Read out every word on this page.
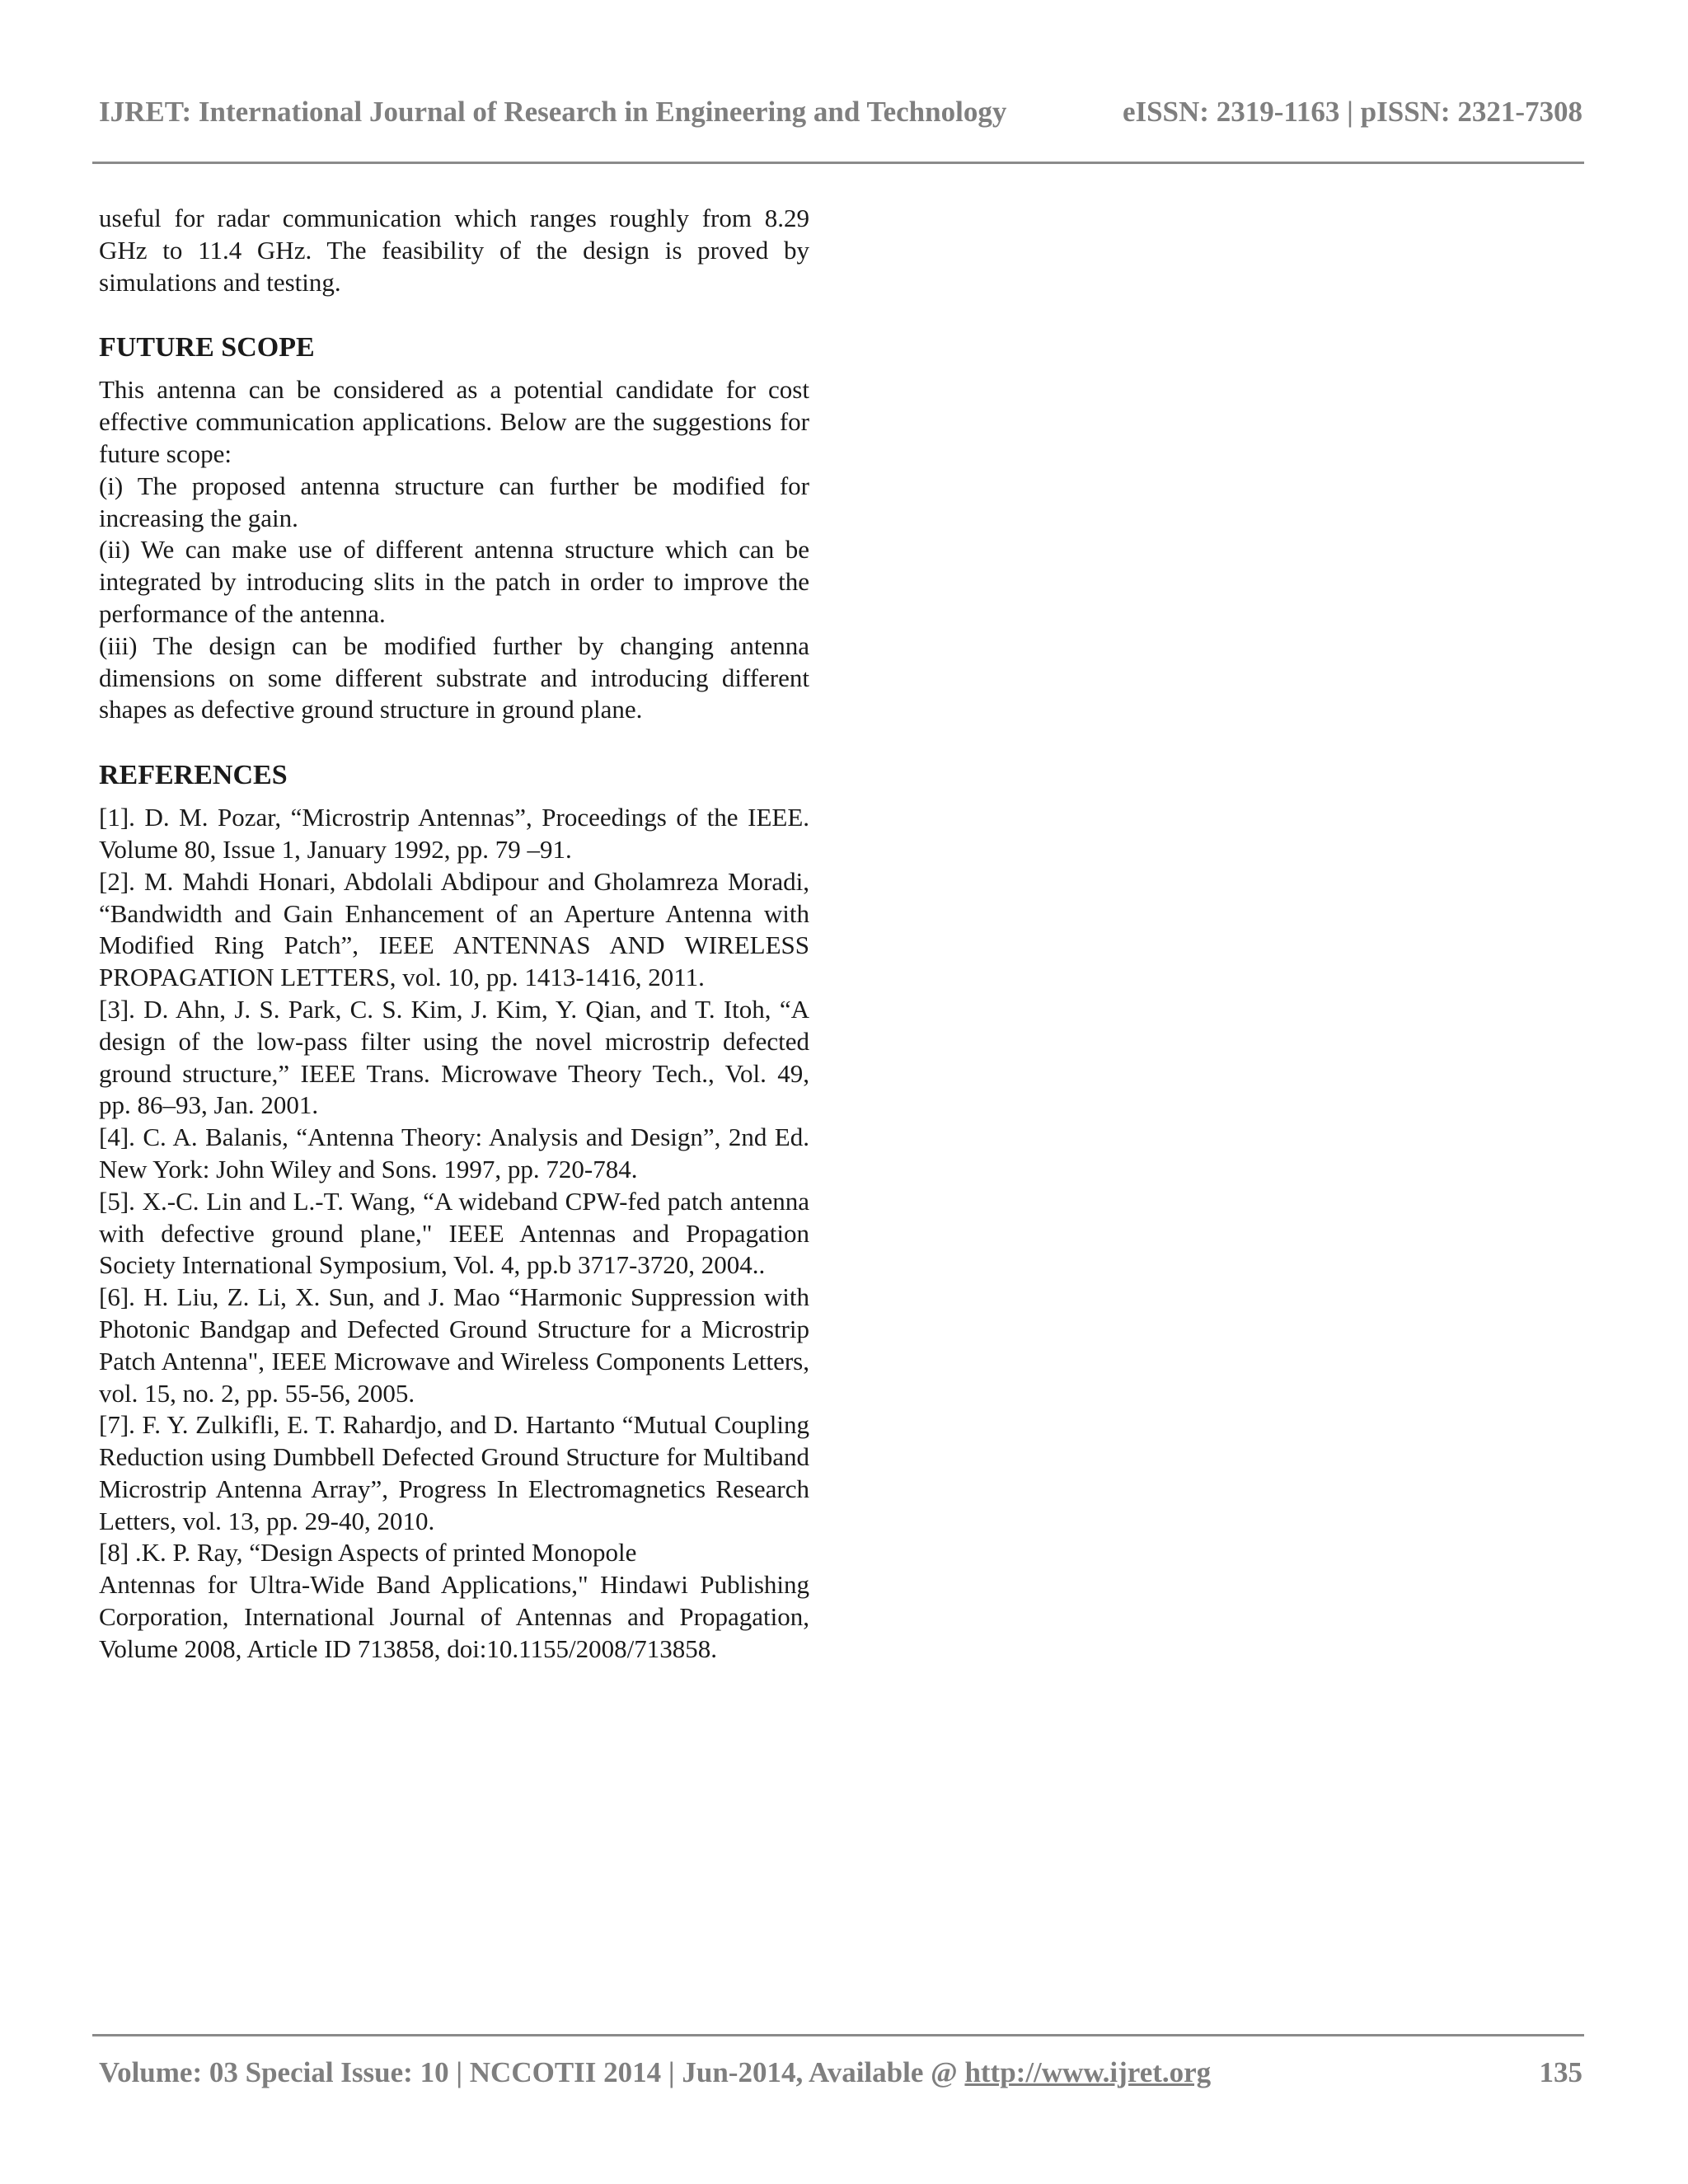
IJRET: International Journal of Research in Engineering and Technology	eISSN: 2319-1163 | pISSN: 2321-7308

useful for radar communication which ranges roughly from 8.29 GHz to 11.4 GHz. The feasibility of the design is proved by simulations and testing.

FUTURE SCOPE

This antenna can be considered as a potential candidate for cost effective communication applications. Below are the suggestions for future scope:

(i) The proposed antenna structure can further be modified for increasing the gain.

(ii) We can make use of different antenna structure which can be integrated by introducing slits in the patch in order to improve the performance of the antenna.

(iii) The design can be modified further by changing antenna dimensions on some different substrate and introducing different shapes as defective ground structure in ground plane.

REFERENCES

[1]. D. M. Pozar, “Microstrip Antennas”, Proceedings of the IEEE. Volume 80, Issue 1, January 1992, pp. 79 –91.

[2]. M. Mahdi Honari, Abdolali Abdipour and Gholamreza Moradi, “Bandwidth and Gain Enhancement of an Aperture Antenna with Modified Ring Patch”, IEEE ANTENNAS AND WIRELESS PROPAGATION LETTERS, vol. 10, pp. 1413-1416, 2011.

[3]. D. Ahn, J. S. Park, C. S. Kim, J. Kim, Y. Qian, and T. Itoh, “A design of the low-pass filter using the novel microstrip defected ground structure,” IEEE Trans. Microwave Theory Tech., Vol. 49, pp. 86–93, Jan. 2001.

[4]. C. A. Balanis, “Antenna Theory: Analysis and Design”, 2nd Ed. New York: John Wiley and Sons. 1997, pp. 720-784.

[5]. X.-C. Lin and L.-T. Wang, “A wideband CPW-fed patch antenna with defective ground plane," IEEE Antennas and Propagation Society International Symposium, Vol. 4, pp.b 3717-3720, 2004..

[6]. H. Liu, Z. Li, X. Sun, and J. Mao “Harmonic Suppression with Photonic Bandgap and Defected Ground Structure for a Microstrip Patch Antenna", IEEE Microwave and Wireless Components Letters, vol. 15, no. 2, pp. 55-56, 2005.

[7]. F. Y. Zulkifli, E. T. Rahardjo, and D. Hartanto “Mutual Coupling Reduction using Dumbbell Defected Ground Structure for Multiband Microstrip Antenna Array”, Progress In Electromagnetics Research Letters, vol. 13, pp. 29-40, 2010.

[8] .K. P. Ray, “Design Aspects of printed Monopole

Antennas for Ultra-Wide Band Applications," Hindawi Publishing Corporation, International Journal of Antennas and Propagation, Volume 2008, Article ID 713858, doi:10.1155/2008/713858.

Volume: 03 Special Issue: 10 | NCCOTII 2014 | Jun-2014, Available @ http://www.ijret.org	135
